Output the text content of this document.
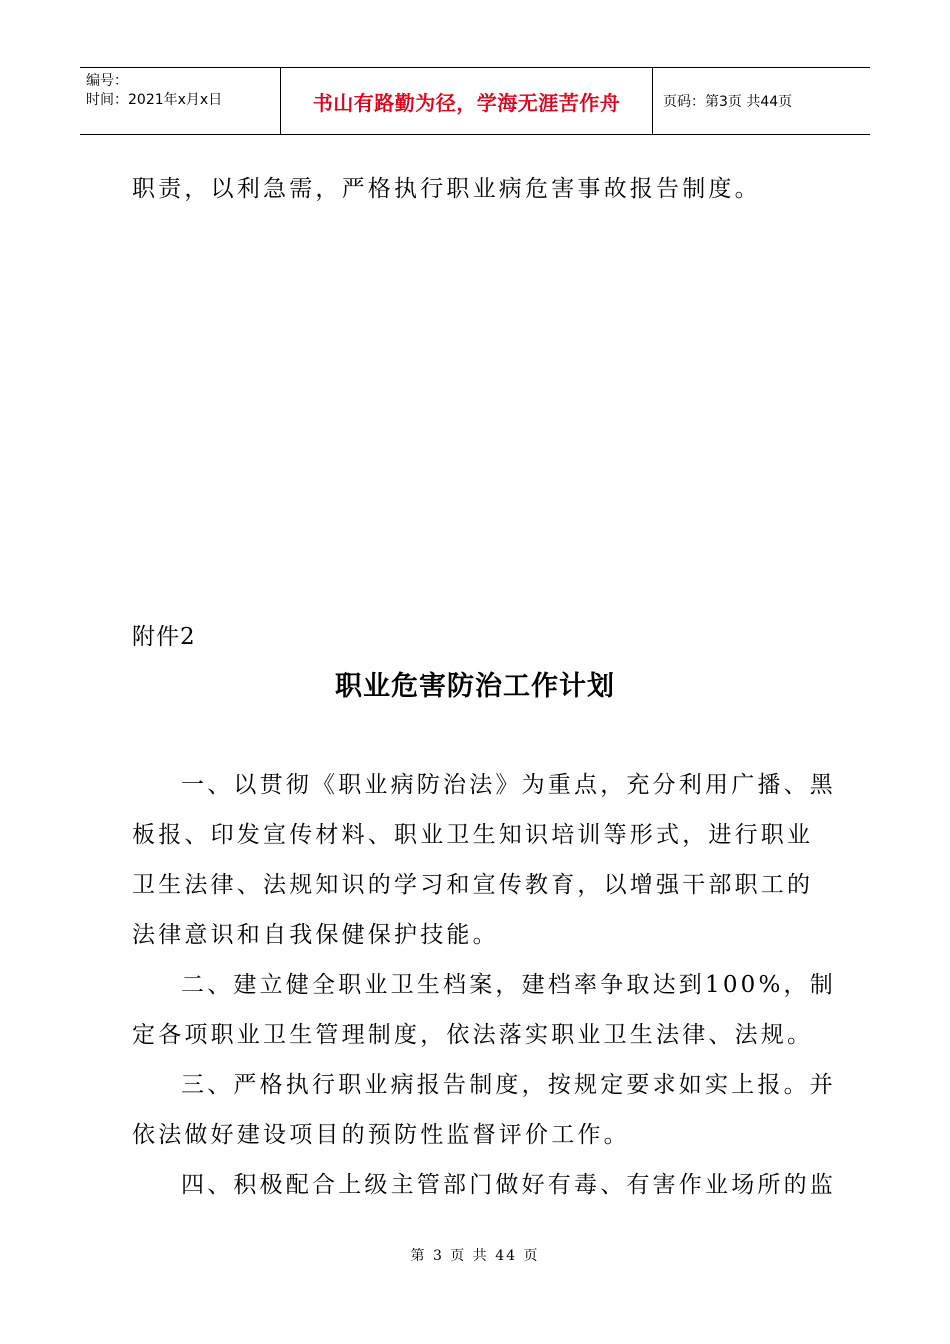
编号：
时间：2021年x月x日	书山有路勤为径，学海无涯苦作舟	页码：第3页 共44页

职责，以利急需，严格执行职业病危害事故报告制度。

附件2
职业危害防治工作计划

一、以贯彻《职业病防治法》为重点，充分利用广播、黑

板报、印发宣传材料、职业卫生知识培训等形式，进行职业

卫生法律、法规知识的学习和宣传教育，以增强干部职工的

法律意识和自我保健保护技能。

二、建立健全职业卫生档案，建档率争取达到100%，制

定各项职业卫生管理制度，依法落实职业卫生法律、法规。

三、严格执行职业病报告制度，按规定要求如实上报。并

依法做好建设项目的预防性监督评价工作。

四、积极配合上级主管部门做好有毒、有害作业场所的监

第 3 页 共 44 页
